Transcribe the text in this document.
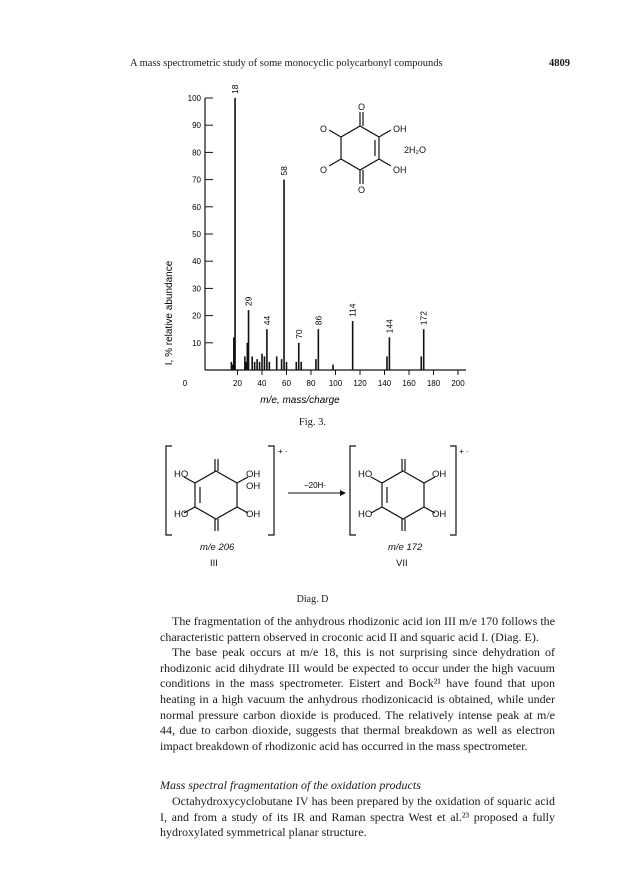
A mass spectrometric study of some monocyclic polycarbonyl compounds	4809
I, % relative abundance 10
20
30
40
50
60
70
80
90
100
0	20 40 60 80 100 120 140 160 180 200
18
29
44
58
70
86
114
144
172
m/e, mass/charge
O
O
O
O
OH
OH
2H₂O
Fig. 3.
+ ·
HO
HO
OH
OH
OH
m/e 206
III
−20H·
+ ·
HO
HO
OH
OH
m/e 172
VII
Diag. D

The fragmentation of the anhydrous rhodizonic acid ion III m/e 170 follows the characteristic pattern observed in croconic acid II and squaric acid I. (Diag. E).

The base peak occurs at m/e 18, this is not surprising since dehydration of rhodizonic acid dihydrate III would be expected to occur under the high vacuum conditions in the mass spectrometer. Eistert and Bock²¹ have found that upon heating in a high vacuum the anhydrous rhodizonicacid is obtained, while under normal pressure carbon dioxide is produced. The relatively intense peak at m/e 44, due to carbon dioxide, suggests that thermal breakdown as well as electron impact breakdown of rhodizonic acid has occurred in the mass spectrometer.

Mass spectral fragmentation of the oxidation products

Octahydroxycyclobutane IV has been prepared by the oxidation of squaric acid I, and from a study of its IR and Raman spectra West et al.²³ proposed a fully hydroxylated symmetrical planar structure.
